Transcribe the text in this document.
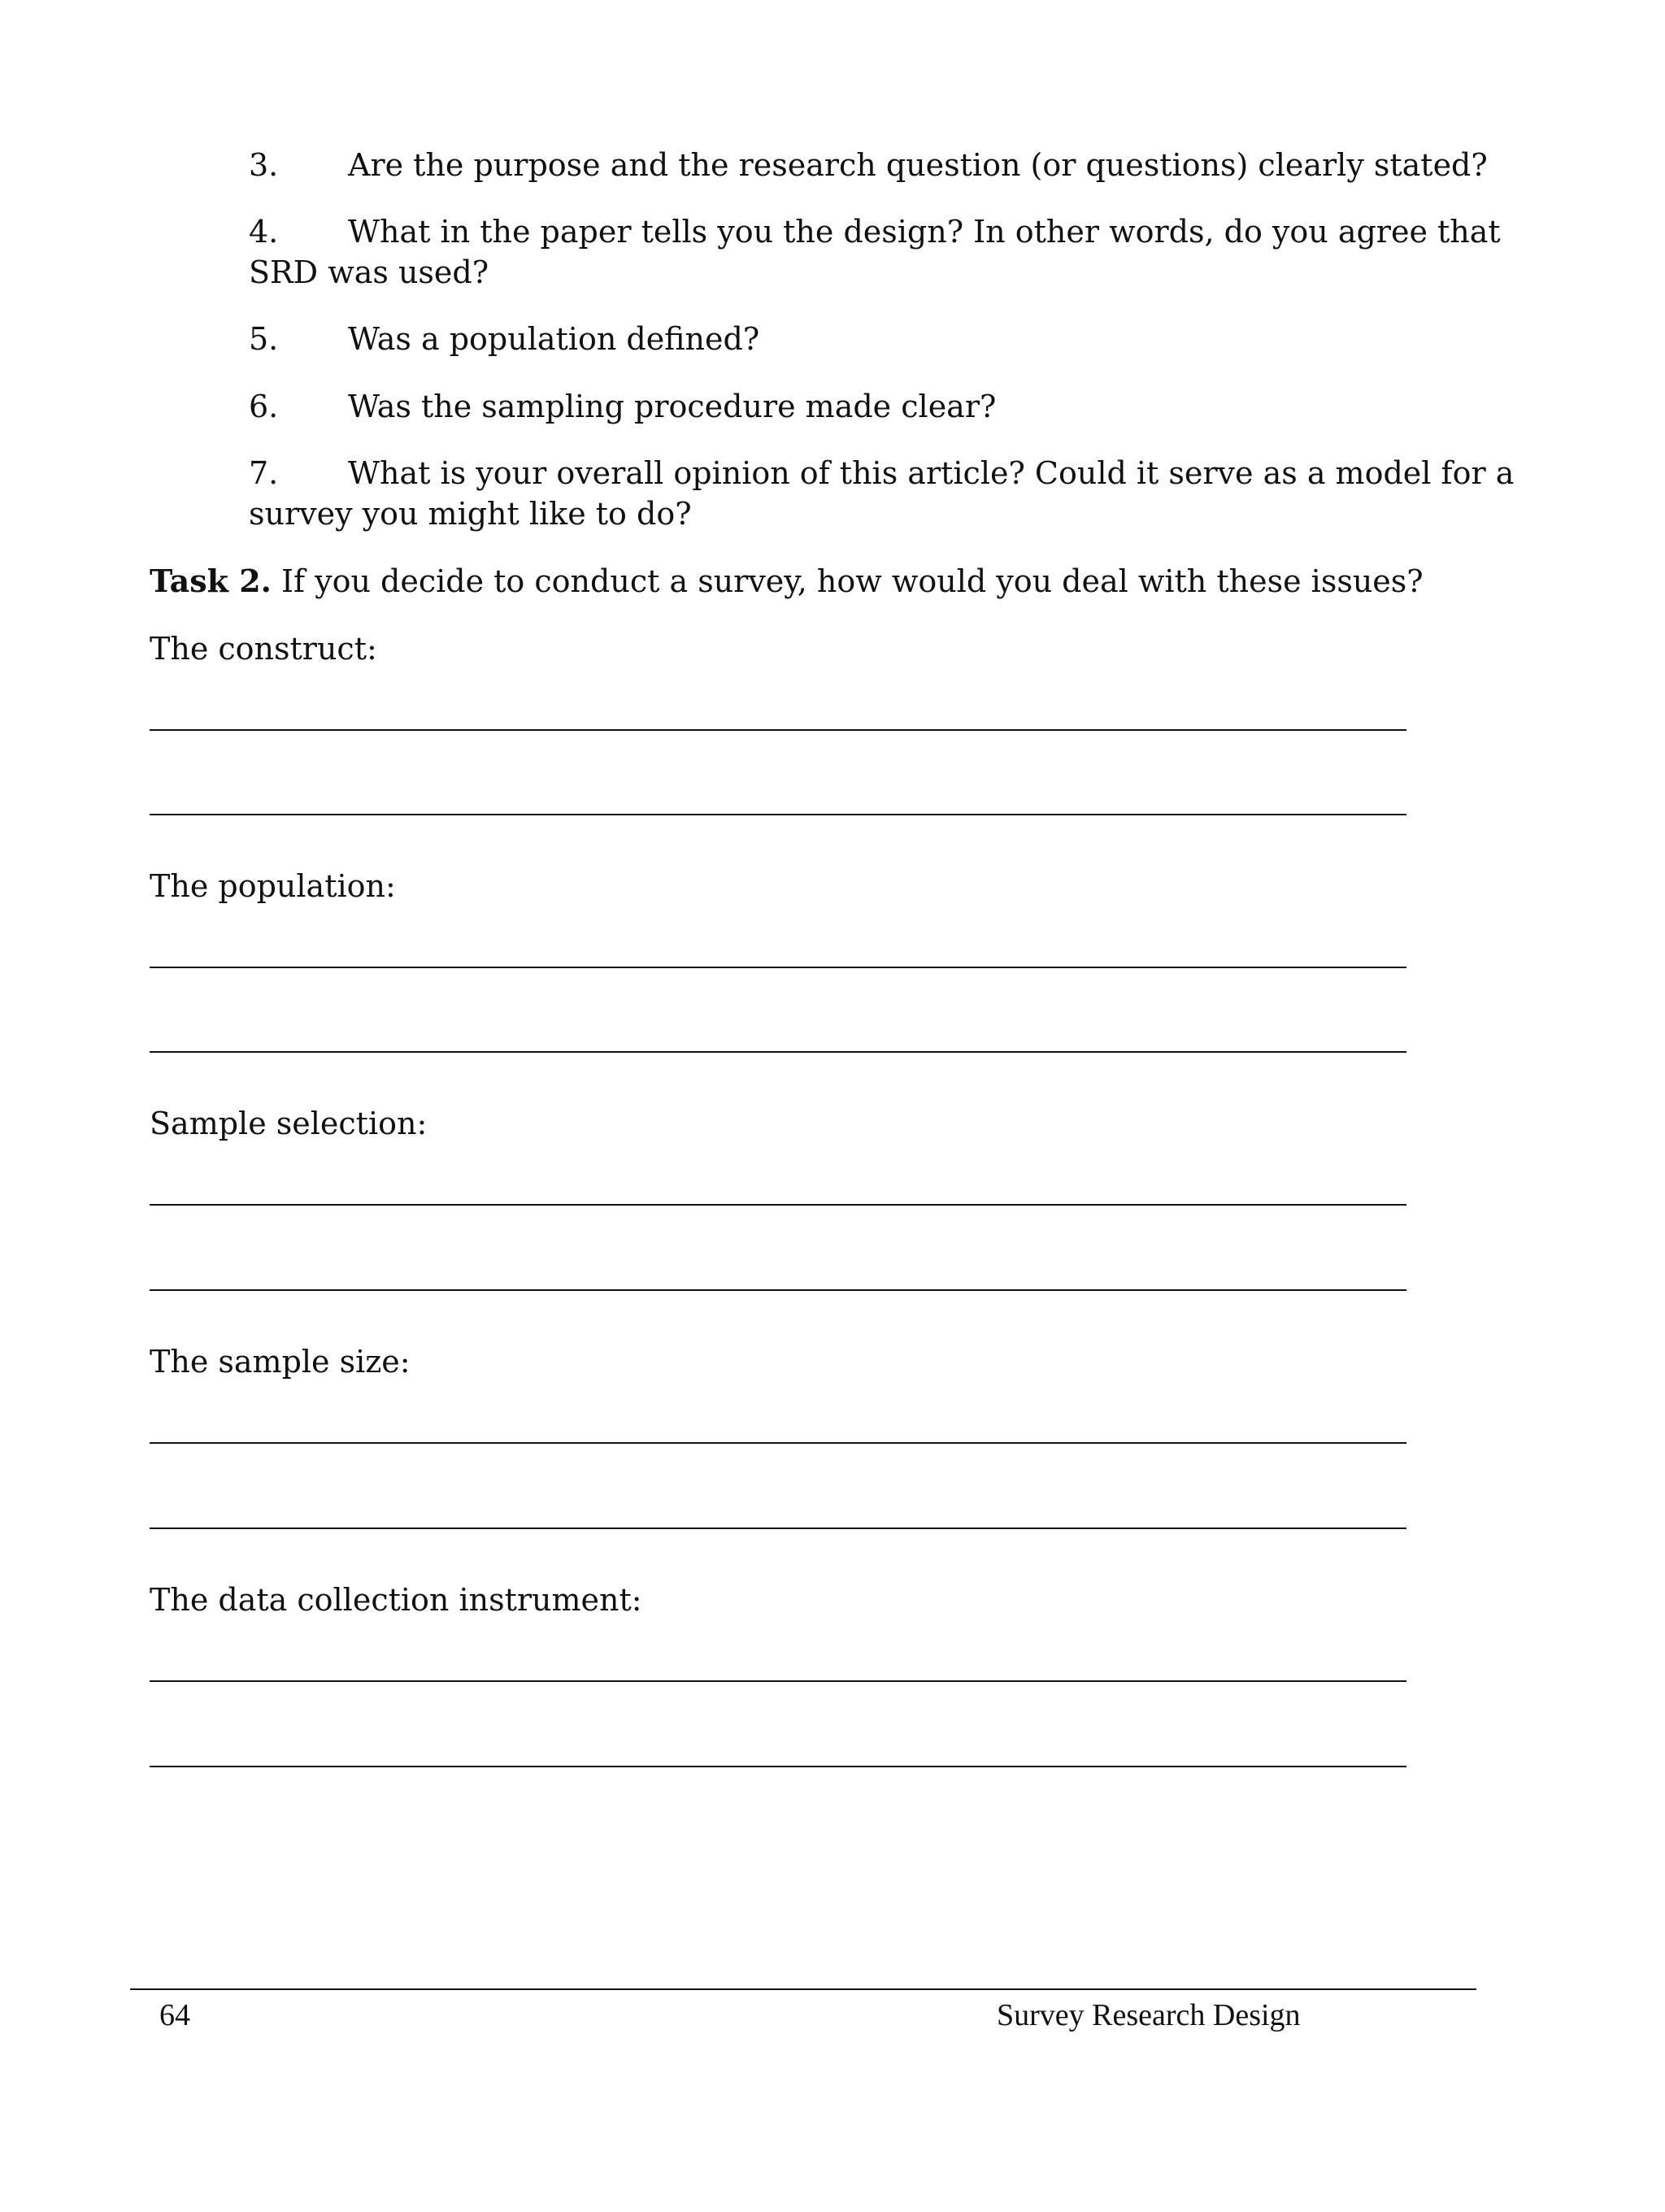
3. Are the purpose and the research question (or questions) clearly stated?
4. What in the paper tells you the design? In other words, do you agree that SRD was used?
5. Was a population defined?
6. Was the sampling procedure made clear?
7. What is your overall opinion of this article? Could it serve as a model for a survey you might like to do?
Task 2. If you decide to conduct a survey, how would you deal with these issues?
The construct:
The population:
Sample selection:
The sample size:
The data collection instrument:
64	Survey Research Design
